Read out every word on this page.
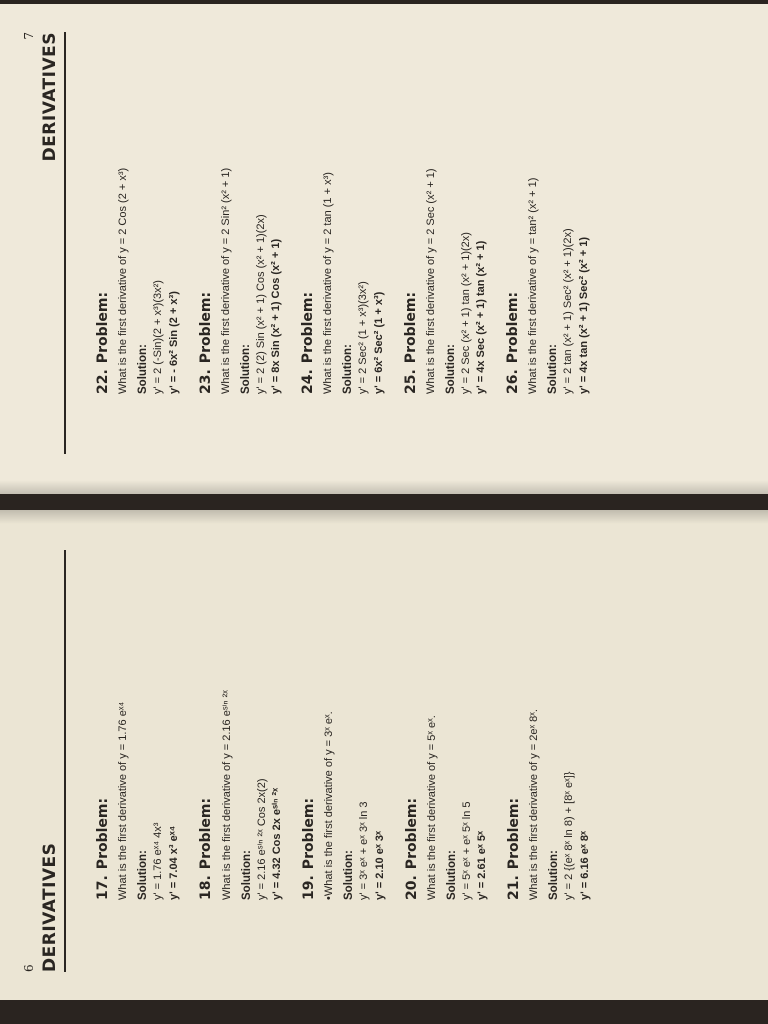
6 DERIVATIVES	17.Problem: What is the first derivative of y = 1.76 eˣ⁴ Solution: y' = 1.76 eˣ⁴ 4x³ y' = 7.04 x³ eˣ⁴ 18.Problem: What is the first derivative of y = 2.16 eˢⁱⁿ ²ˣ Solution: y' = 2.16 eˢⁱⁿ ²ˣ Cos 2x(2) y' = 4.32 Cos 2x eˢⁱⁿ ²ˣ 19.Problem: •What is the first derivative of y = 3ˣ eˣ. Solution: y' = 3ˣ eˣ + eˣ 3ˣ ln 3 y' = 2.10 eˣ 3ˣ 20.Problem: What is the first derivative of y = 5ˣ eˣ. Solution: y' = 5ˣ eˣ + eˣ 5ˣ ln 5 y' = 2.61 eˣ 5ˣ 21.Problem: What is the first derivative of y = 2eˣ 8ˣ. Solution: y' = 2 {(eˣ 8ˣ ln 8) + [8ˣ eˣ]} y' = 6.16 eˣ 8ˣ
7 DERIVATIVES
22.Problem: What is the first derivative of y = 2 Cos (2 + x³) Solution: y' = 2 (-Sin)(2 + x³)(3x²) y' = - 6x² Sin (2 + x³) 23.Problem: What is the first derivative of y = 2 Sin² (x² + 1) Solution: y' = 2 (2) Sin (x² + 1) Cos (x² + 1)(2x) y' = 8x Sin (x² + 1) Cos (x² + 1) 24.Problem: What is the first derivative of y = 2 tan (1 + x³) Solution: y' = 2 Sec² (1 + x³)(3x²) y' = 6x² Sec² (1 + x³) 25.Problem: What is the first derivative of y = 2 Sec (x² + 1) Solution: y' = 2 Sec (x² + 1) tan (x² + 1)(2x) y' = 4x Sec (x² + 1) tan (x² + 1) 26.Problem: What is the first derivative of y = tan² (x² + 1) Solution: y' = 2 tan (x² + 1) Sec² (x² + 1)(2x) y' = 4x tan (x² + 1) Sec² (x² + 1)
